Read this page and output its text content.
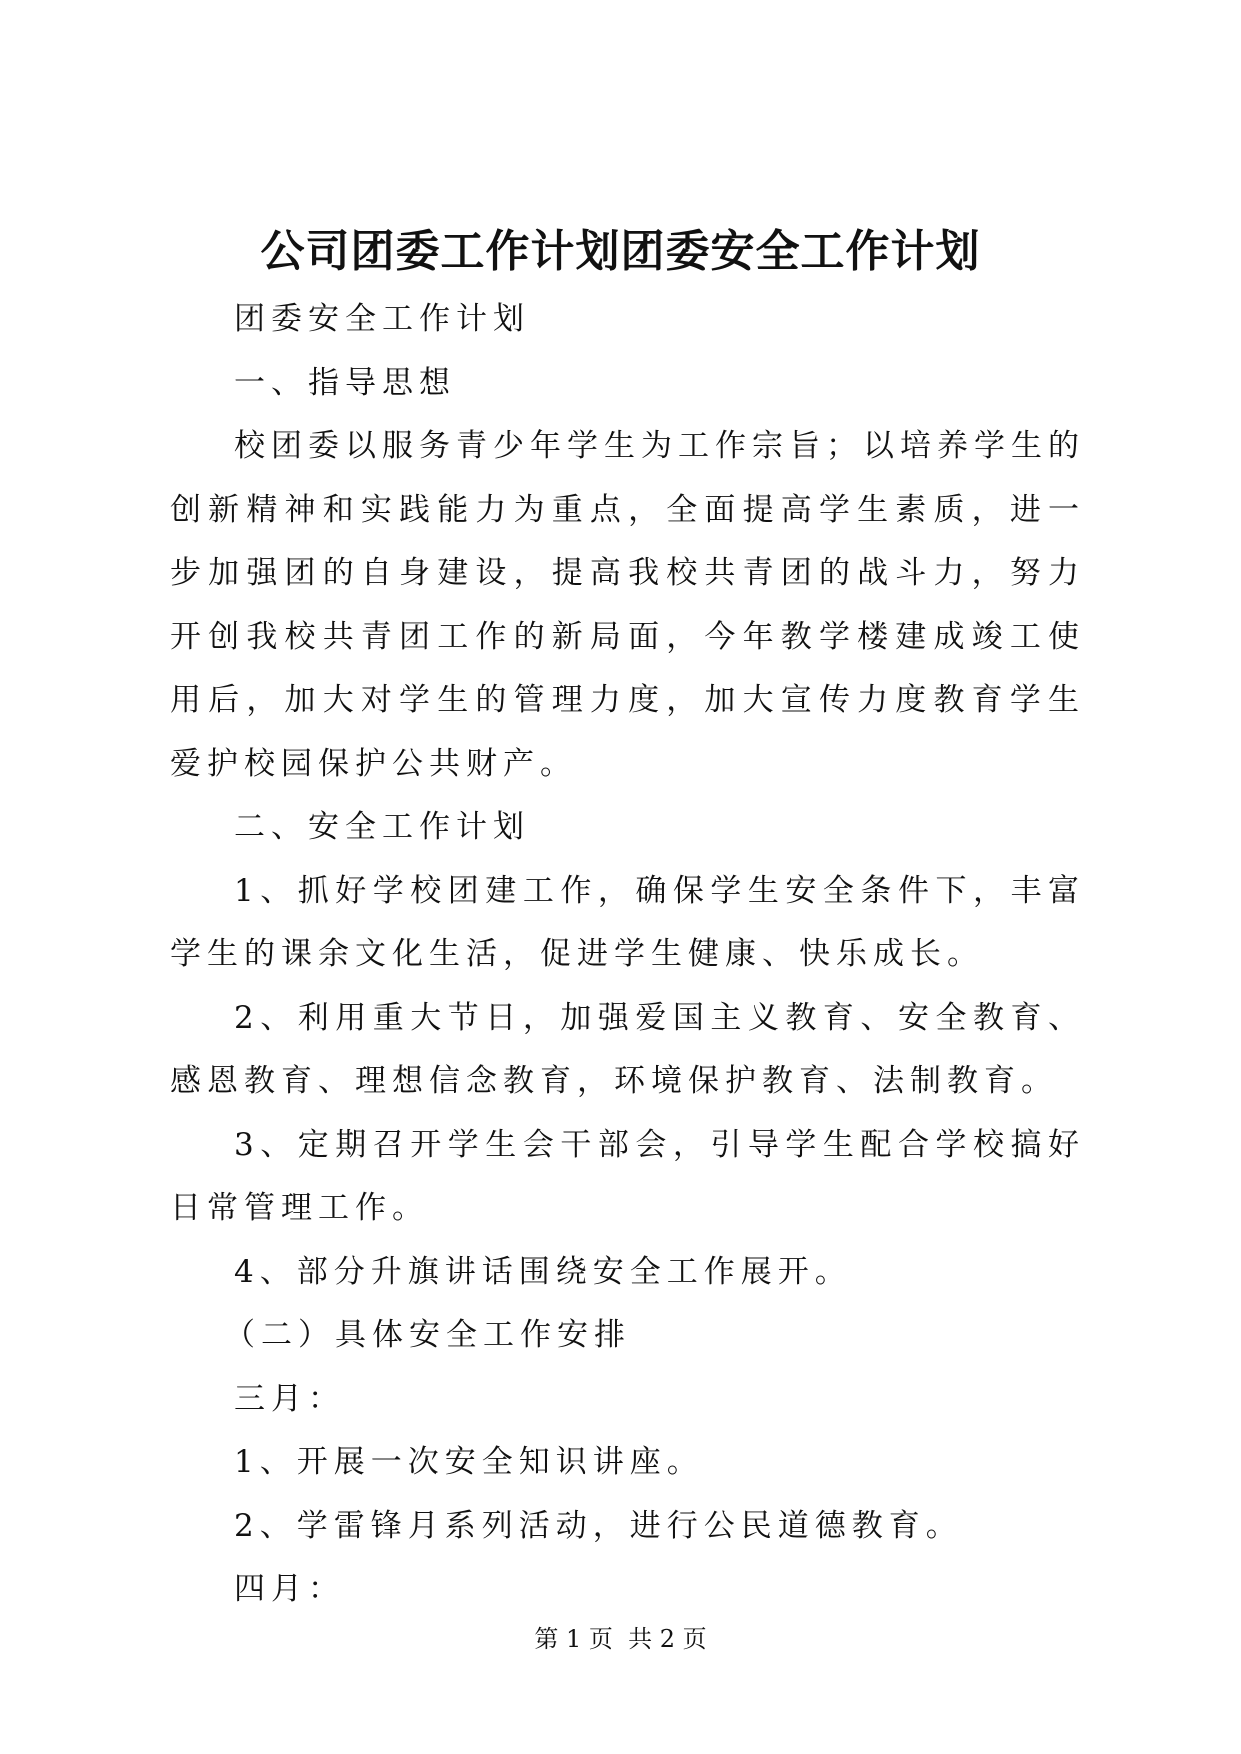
公司团委工作计划团委安全工作计划

团委安全工作计划

一、指导思想

校团委以服务青少年学生为工作宗旨；以培养学生的创新精神和实践能力为重点，全面提高学生素质，进一步加强团的自身建设，提高我校共青团的战斗力，努力开创我校共青团工作的新局面，今年教学楼建成竣工使用后，加大对学生的管理力度，加大宣传力度教育学生爱护校园保护公共财产。

二、安全工作计划

1、抓好学校团建工作，确保学生安全条件下，丰富学生的课余文化生活，促进学生健康、快乐成长。

2、利用重大节日，加强爱国主义教育、安全教育、感恩教育、理想信念教育，环境保护教育、法制教育。

3、定期召开学生会干部会，引导学生配合学校搞好日常管理工作。

4、部分升旗讲话围绕安全工作展开。

（二）具体安全工作安排

三月：

1、开展一次安全知识讲座。

2、学雷锋月系列活动，进行公民道德教育。

四月：

第 1 页  共 2 页
